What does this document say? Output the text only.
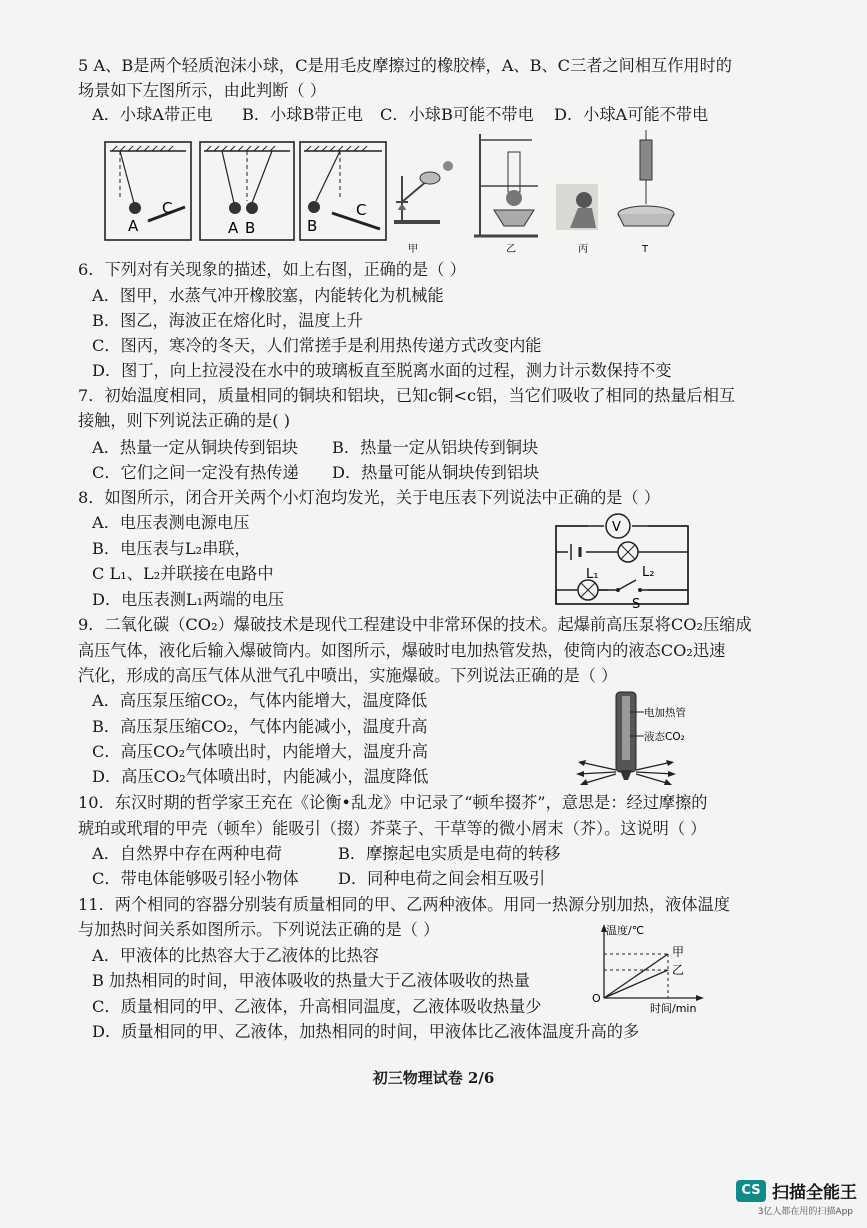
5 A、B是两个轻质泡沫小球，C是用毛皮摩擦过的橡胶棒，A、B、C三者之间相互作用时的
场景如下左图所示，由此判断（ ）
A．小球A带正电 B．小球B带正电 C．小球B可能不带电 D．小球A可能不带电
A
C
A B	B
C
甲	乙	丙	T
6．下列对有关现象的描述，如上右图，正确的是（ ）
A．图甲，水蒸气冲开橡胶塞，内能转化为机械能
B．图乙，海波正在熔化时，温度上升
C．图丙，寒冷的冬天，人们常搓手是利用热传递方式改变内能
D．图丁，向上拉浸没在水中的玻璃板直至脱离水面的过程，测力计示数保持不变
7．初始温度相同，质量相同的铜块和铝块，已知c铜<c铝，当它们吸收了相同的热量后相互
接触，则下列说法正确的是( )
A．热量一定从铜块传到铝块 B．热量一定从铝块传到铜块
C．它们之间一定没有热传递 D．热量可能从铜块传到铝块
8．如图所示，闭合开关两个小灯泡均发光，关于电压表下列说法中正确的是（ ）
A．电压表测电源电压
B．电压表与L₂串联，
C L₁、L₂并联接在电路中
D．电压表测L₁两端的电压
V
L₁	L₂
S
9．二氧化碳（CO₂）爆破技术是现代工程建设中非常环保的技术。起爆前高压泵将CO₂压缩成
高压气体，液化后输入爆破筒内。如图所示，爆破时电加热管发热，使筒内的液态CO₂迅速
汽化，形成的高压气体从泄气孔中喷出，实施爆破。下列说法正确的是（ ）
A．高压泵压缩CO₂，气体内能增大，温度降低
B．高压泵压缩CO₂，气体内能减小，温度升高
C．高压CO₂气体喷出时，内能增大，温度升高
D．高压CO₂气体喷出时，内能减小，温度降低
电加热管
液态CO₂
10．东汉时期的哲学家王充在《论衡•乱龙》中记录了“顿牟掇芥”，意思是：经过摩擦的
琥珀或玳瑁的甲壳（顿牟）能吸引（掇）芥菜子、干草等的微小屑末（芥）。这说明（ ）
A．自然界中存在两种电荷	B．摩擦起电实质是电荷的转移
C．带电体能够吸引轻小物体 D．同种电荷之间会相互吸引
11．两个相同的容器分别装有质量相同的甲、乙两种液体。用同一热源分别加热，液体温度
与加热时间关系如图所示。下列说法正确的是（ ）
A．甲液体的比热容大于乙液体的比热容
B 加热相同的时间，甲液体吸收的热量大于乙液体吸收的热量
C．质量相同的甲、乙液体，升高相同温度，乙液体吸收热量少
D．质量相同的甲、乙液体，加热相同的时间，甲液体比乙液体温度升高的多
温度/℃
时间/min
O
甲
乙
初三物理试卷 2/6
CS 扫描全能王
3亿人都在用的扫描App
